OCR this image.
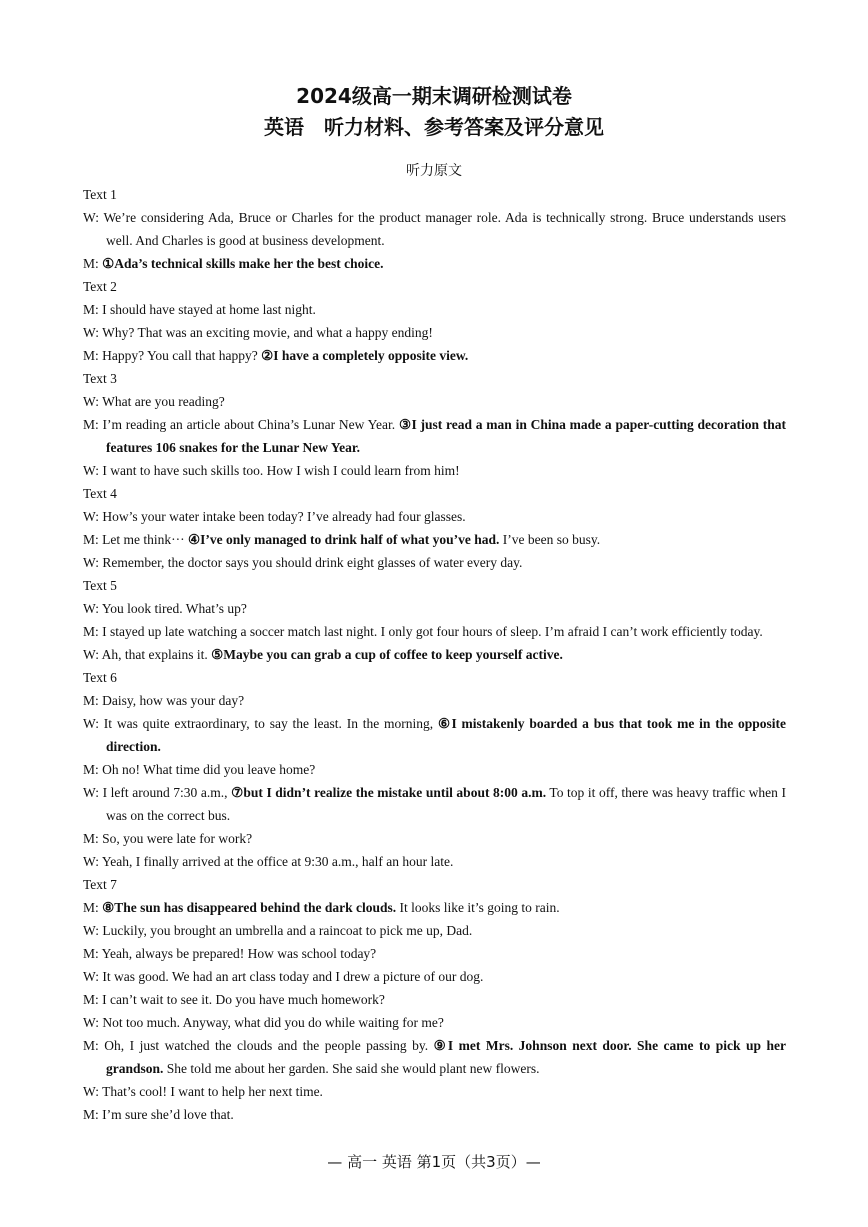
2024级高一期末调研检测试卷
英语　听力材料、参考答案及评分意见
听力原文
Text 1
W: We’re considering Ada, Bruce or Charles for the product manager role. Ada is technically strong. Bruce understands users well. And Charles is good at business development.
M: ①Ada’s technical skills make her the best choice.
Text 2
M: I should have stayed at home last night.
W: Why? That was an exciting movie, and what a happy ending!
M: Happy? You call that happy? ②I have a completely opposite view.
Text 3
W: What are you reading?
M: I’m reading an article about China’s Lunar New Year. ③I just read a man in China made a paper-cutting decoration that features 106 snakes for the Lunar New Year.
W: I want to have such skills too. How I wish I could learn from him!
Text 4
W: How’s your water intake been today? I’ve already had four glasses.
M: Let me think··· ④I’ve only managed to drink half of what you’ve had. I’ve been so busy.
W: Remember, the doctor says you should drink eight glasses of water every day.
Text 5
W: You look tired. What’s up?
M: I stayed up late watching a soccer match last night. I only got four hours of sleep. I’m afraid I can’t work efficiently today.
W: Ah, that explains it. ⑤Maybe you can grab a cup of coffee to keep yourself active.
Text 6
M: Daisy, how was your day?
W: It was quite extraordinary, to say the least. In the morning, ⑥I mistakenly boarded a bus that took me in the opposite direction.
M: Oh no! What time did you leave home?
W: I left around 7:30 a.m., ⑦but I didn’t realize the mistake until about 8:00 a.m. To top it off, there was heavy traffic when I was on the correct bus.
M: So, you were late for work?
W: Yeah, I finally arrived at the office at 9:30 a.m., half an hour late.
Text 7
M: ⑧The sun has disappeared behind the dark clouds. It looks like it’s going to rain.
W: Luckily, you brought an umbrella and a raincoat to pick me up, Dad.
M: Yeah, always be prepared! How was school today?
W: It was good. We had an art class today and I drew a picture of our dog.
M: I can’t wait to see it. Do you have much homework?
W: Not too much. Anyway, what did you do while waiting for me?
M: Oh, I just watched the clouds and the people passing by. ⑨I met Mrs. Johnson next door. She came to pick up her grandson. She told me about her garden. She said she would plant new flowers.
W: That’s cool! I want to help her next time.
M: I’m sure she’d love that.
— 高一 英语 第1页（共3页）—
